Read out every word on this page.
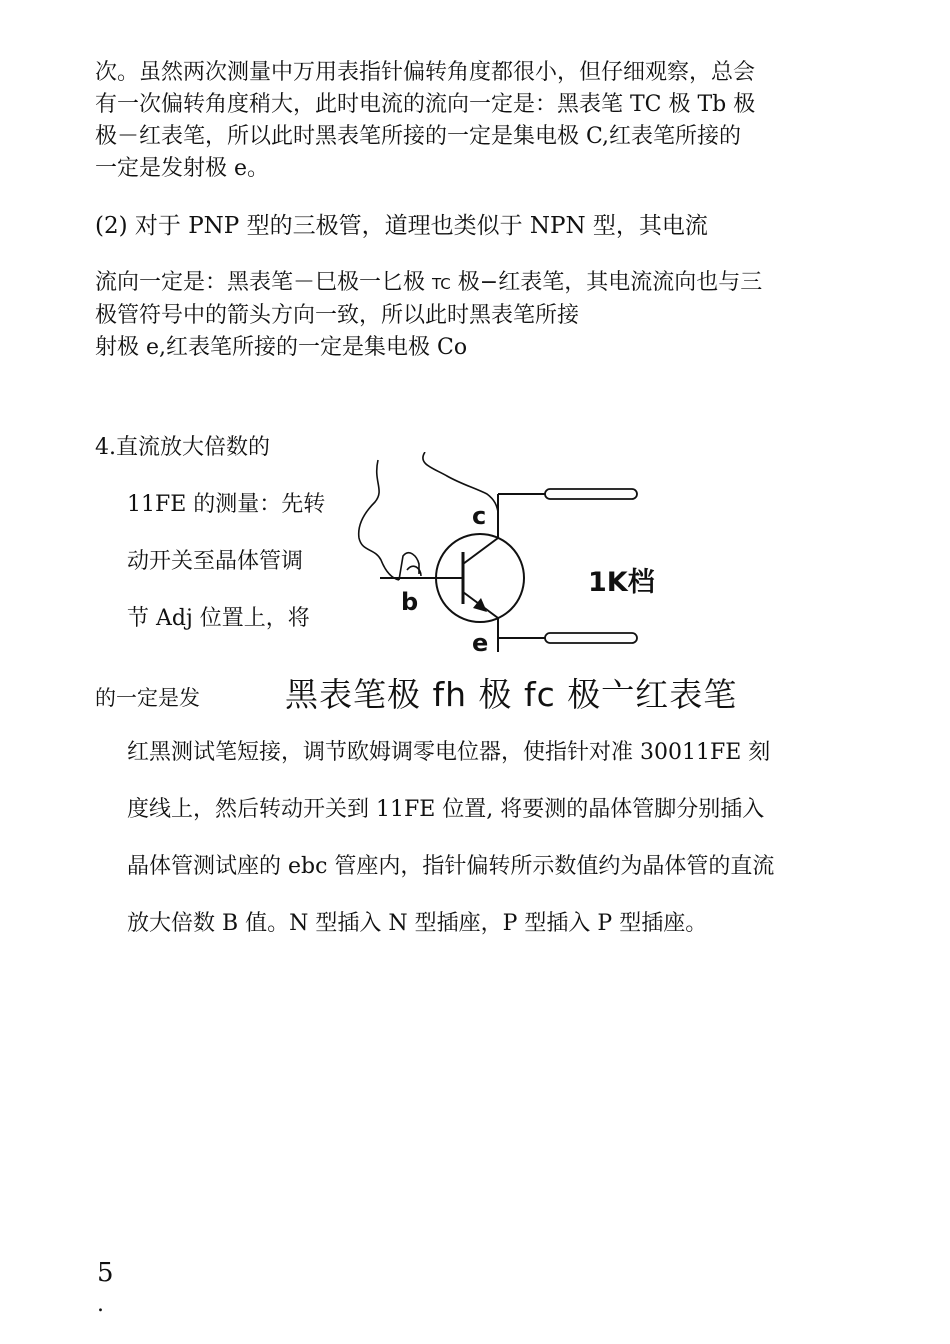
次。虽然两次测量中万用表指针偏转角度都很小，但仔细观察，总会
有一次偏转角度稍大，此时电流的流向一定是：黑表笔 TC 极 Tb 极
极－红表笔，所以此时黑表笔所接的一定是集电极 C,红表笔所接的
一定是发射极 e。
(2) 对于 PNP 型的三极管，道理也类似于 NPN 型，其电流
流向一定是：黑表笔－巳极一匕极 TC 极−红表笔，其电流流向也与三
极管符号中的箭头方向一致，所以此时黑表笔所接
射极 e,红表笔所接的一定是集电极 Co
4.直流放大倍数的
11FE 的测量：先转
动开关至晶体管调
节 Adj 位置上，将
c
b
e
1K档
的一定是发	黑表笔极 fh 极 fc 极亠红表笔
红黑测试笔短接，调节欧姆调零电位器，使指针对准 30011FE 刻
度线上，然后转动开关到 11FE 位置, 将要测的晶体管脚分别插入
晶体管测试座的 ebc 管座内，指针偏转所示数值约为晶体管的直流
放大倍数 B 值。N 型插入 N 型插座，P 型插入 P 型插座。
5
.
